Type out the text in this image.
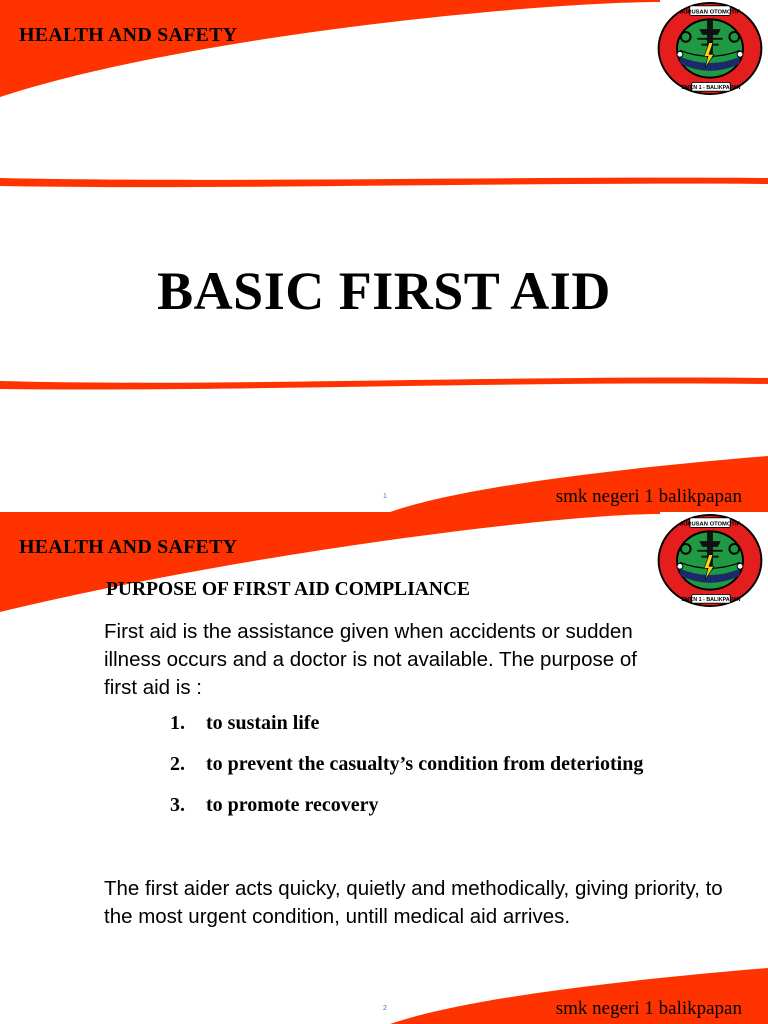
HEALTH AND SAFETY
JURUSAN OTOMOTIF
SMKN 1 - BALIKPAPAN
BASIC FIRST AID
1	smk negeri 1 balikpapan
HEALTH AND SAFETY
JURUSAN OTOMOTIF
SMKN 1 - BALIKPAPAN
PURPOSE OF FIRST AID COMPLIANCE
First aid is the assistance given when accidents or sudden illness occurs and a doctor is not available. The purpose of first aid is :
1.	to sustain life
2.	to prevent the casualty’s condition from deterioting
3.	to promote recovery
The first aider acts quicky, quietly and methodically, giving priority, to the most urgent condition, untill medical aid arrives.
2	smk negeri 1 balikpapan
